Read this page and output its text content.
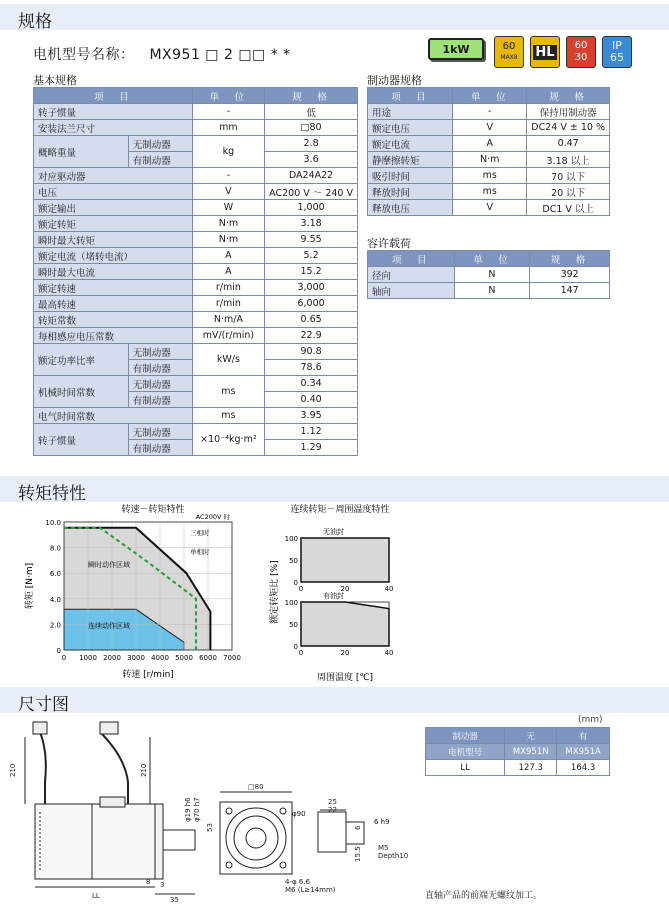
规格
转矩特性
尺寸图
电机型号名称： MX951 □ 2 □□ * *	1kW	60
MAX8 HL 60
30
IP
65
基本规格
项　目		单　位	规　格
转子惯量		-	低
安装法兰尺寸		mm	□80
概略重量	无制动器	kg	2.8
	有制动器		3.6
对应驱动器		-	DA24A22
电压		V	AC200 V ～ 240 V
额定输出		W	1,000
额定转矩		N·m	3.18
瞬时最大转矩		N·m	9.55
额定电流（堵转电流）		A	5.2
瞬时最大电流		A	15.2
额定转速		r/min	3,000
最高转速		r/min	6,000
转矩常数		N·m/A	0.65
每相感应电压常数		mV/(r/min)	22.9
额定功率比率	无制动器	kW/s	90.8
	有制动器		78.6
机械时间常数	无制动器	ms	0.34
	有制动器		0.40
电气时间常数		ms	3.95
转子惯量	无制动器	×10⁻⁴kg·m²	1.12
	有制动器		1.29
制动器规格
项　目	单　位	规　格
用途	-	保持用制动器
额定电压	V	DC24 V ± 10 %
额定电流	A	0.47
静摩擦转矩	N·m	3.18 以上
吸引时间	ms	70 以下
释放时间	ms	20 以下
释放电压	V	DC1 V 以上
容许载荷
项　目	单　位	规　格
径向	N	392
轴向	N	147
0 1000 2000 3000 4000 5000 6000 7000
0
2.0
4.0
6.0
8.0
10.0
转速－转矩特性
AC200V 时
三相时
单相时
瞬时动作区域
连续动作区域
转速 [r/min]
转矩 [N·m]
连续转矩－周围温度特性
无油封
0
50
100
0	20	40
有油封
0
50
100
0	20	40
周围温度 [℃]
额定转矩比 [%]
210	210
LL
8 3
35
53
φ19 h6 φ70 h7
□80
φ90
25
22
6
6 h9
15.5 M5
Depth10
4-φ 6.6
M6 (L≥14mm)
(mm)
制动器	无	有
电机型号	MX951N	MX951A
LL	127.3	164.3
直轴产品的前端无螺纹加工。
